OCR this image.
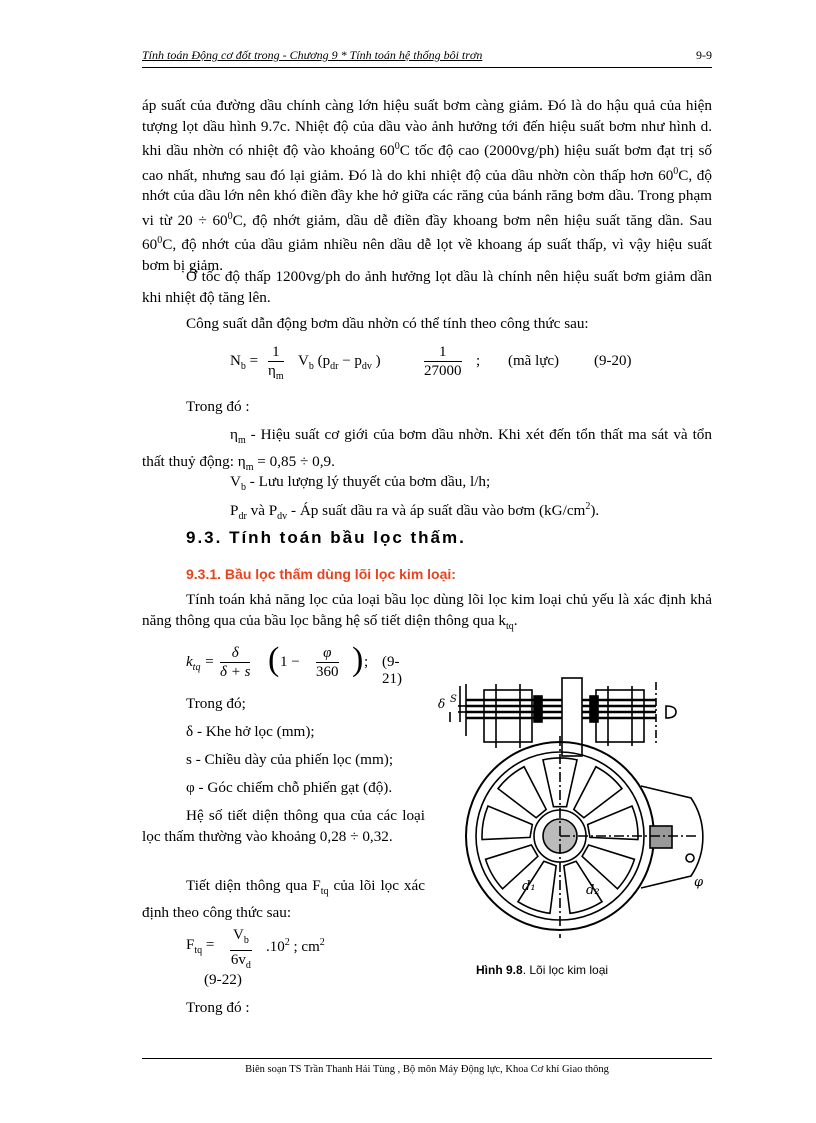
Tính toán Động cơ đốt trong - Chương 9 * Tính toán hệ thống bôi trơn	9-9
áp suất của đường dầu chính càng lớn hiệu suất bơm càng giảm. Đó là do hậu quả của hiện tượng lọt dầu hình 9.7c. Nhiệt độ của dầu vào ảnh hưởng tới đến hiệu suất bơm như hình d. khi dầu nhờn có nhiệt độ vào khoảng $60^0C$ tốc độ cao (2000vg/ph) hiệu suất bơm đạt trị số cao nhất, nhưng sau đó lại giảm. Đó là do khi nhiệt độ của dầu nhờn còn thấp hơn $60^0C$, độ nhớt của dầu lớn nên khó điền đầy khe hở giữa các răng của bánh răng bơm dầu. Trong phạm vi từ $20 \div 60^0C$, độ nhớt giảm, dầu dễ điền đầy khoang bơm nên hiệu suất tăng dần. Sau $60^0C$, độ nhớt của dầu giảm nhiều nên dầu dễ lọt về khoang áp suất thấp, vì vậy hiệu suất bơm bị giảm.
Ở tốc độ thấp 1200vg/ph do ảnh hưởng lọt dầu là chính nên hiệu suất bơm giảm dần khi nhiệt độ tăng lên.
Công suất dẫn động bơm dầu nhờn có thể tính theo công thức sau:
$N_b$ =
1
$\eta_m$
$V_b$ ($p_{dr} - p_{dv}$ )
1
27000
; (mã lực) (9-20)
Trong đó :
$\eta_m$ - Hiệu suất cơ giới của bơm dầu nhờn. Khi xét đến tổn thất ma sát và tổn thất thuỷ động: $\eta_m = 0,85 \div 0,9$.
$V_b$ - Lưu lượng lý thuyết của bơm dầu, l/h;
$P_{dr}$ và $P_{dv}$ - Áp suất dầu ra và áp suất dầu vào bơm $(kG/cm^2)$.
9.3. Tính toán bầu lọc thấm.
9.3.1. Bầu lọc thấm dùng lõi lọc kim loại:
Tính toán khả năng lọc của loại bầu lọc dùng lõi lọc kim loại chủ yếu là xác định khả năng thông qua của bầu lọc bằng hệ số tiết diện thông qua $k_{tq}$.
$k_{tq} = \frac{\delta}{\delta + s}$ ( 1 −
φ
360 ) ; (9-21)
Trong đó;
δ - Khe hở lọc (mm);
s - Chiều dày của phiến lọc (mm);
φ - Góc chiếm chỗ phiến gạt (độ).
Hệ số tiết diện thông qua của các loại lọc thấm thường vào khoảng 0,28 ÷ 0,32.
Tiết diện thông qua $F_{tq}$ của lõi lọc xác định theo công thức sau:
$F_{tq}$ =
$V_b$
$6v_d$
$.10^2$ ; $cm^2$
(9-22)
Trong đó :
δ S
d₁	d₂
φ
Hình 9.8. Lõi lọc kim loại
Biên soạn TS Trần Thanh Hải Tùng , Bộ môn Máy Động lực, Khoa Cơ khí Giao thông
